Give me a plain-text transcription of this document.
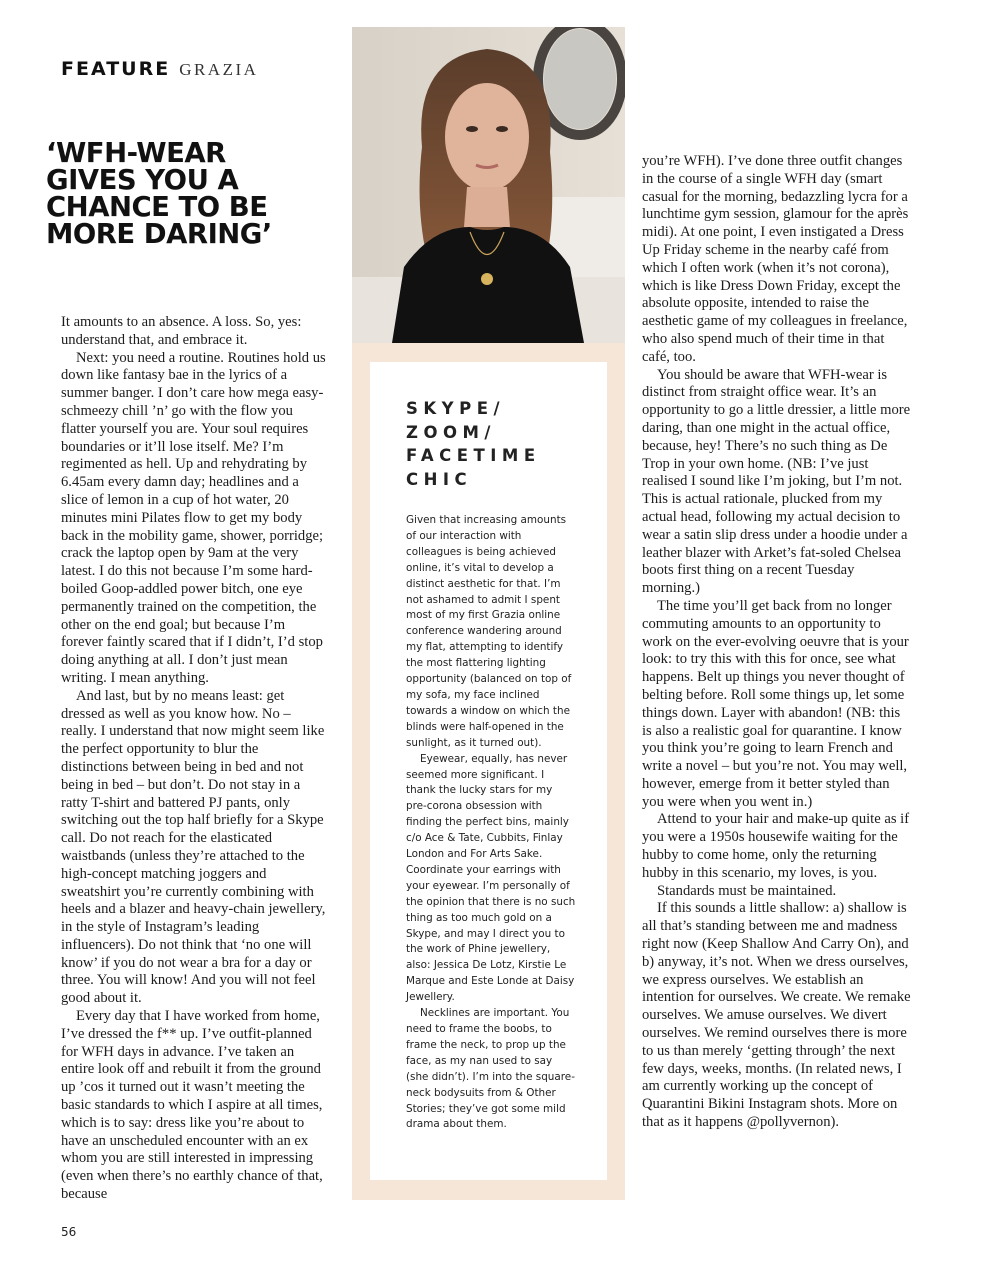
FEATURE GRAZIA
‘WFH-WEAR GIVES YOU A CHANCE TO BE MORE DARING’
SKYPE/ ZOOM/ FACETIME CHIC

Given that increasing amounts of our interaction with colleagues is being achieved online, it’s vital to develop a distinct aesthetic for that. I’m not ashamed to admit I spent most of my first Grazia online conference wandering around my flat, attempting to identify the most flattering lighting opportunity (balanced on top of my sofa, my face inclined towards a window on which the blinds were half-opened in the sunlight, as it turned out).

Eyewear, equally, has never seemed more significant. I thank the lucky stars for my pre-corona obsession with finding the perfect bins, mainly c/o Ace & Tate, Cubbits, Finlay London and For Arts Sake. Coordinate your earrings with your eyewear. I’m personally of the opinion that there is no such thing as too much gold on a Skype, and may I direct you to the work of Phine jewellery, also: Jessica De Lotz, Kirstie Le Marque and Este Londe at Daisy Jewellery.

Necklines are important. You need to frame the boobs, to frame the neck, to prop up the face, as my nan used to say (she didn’t). I’m into the square-neck bodysuits from & Other Stories; they’ve got some mild drama about them.

It amounts to an absence. A loss. So, yes: understand that, and embrace it.

Next: you need a routine. Routines hold us down like fantasy bae in the lyrics of a summer banger. I don’t care how mega easy-schmeezy chill ’n’ go with the flow you flatter yourself you are. Your soul requires boundaries or it’ll lose itself. Me? I’m regimented as hell. Up and rehydrating by 6.45am every damn day; headlines and a slice of lemon in a cup of hot water, 20 minutes mini Pilates flow to get my body back in the mobility game, shower, porridge; crack the laptop open by 9am at the very latest. I do this not because I’m some hard-boiled Goop-addled power bitch, one eye permanently trained on the competition, the other on the end goal; but because I’m forever faintly scared that if I didn’t, I’d stop doing anything at all. I don’t just mean writing. I mean anything.

And last, but by no means least: get dressed as well as you know how. No – really. I understand that now might seem like the perfect opportunity to blur the distinctions between being in bed and not being in bed – but don’t. Do not stay in a ratty T-shirt and battered PJ pants, only switching out the top half briefly for a Skype call. Do not reach for the elasticated waistbands (unless they’re attached to the high-concept matching joggers and sweatshirt you’re currently combining with heels and a blazer and heavy-chain jewellery, in the style of Instagram’s leading influencers). Do not think that ‘no one will know’ if you do not wear a bra for a day or three. You will know! And you will not feel good about it.

Every day that I have worked from home, I’ve dressed the f** up. I’ve outfit-planned for WFH days in advance. I’ve taken an entire look off and rebuilt it from the ground up ’cos it turned out it wasn’t meeting the basic standards to which I aspire at all times, which is to say: dress like you’re about to have an unscheduled encounter with an ex whom you are still interested in impressing (even when there’s no earthly chance of that, because

you’re WFH). I’ve done three outfit changes in the course of a single WFH day (smart casual for the morning, bedazzling lycra for a lunchtime gym session, glamour for the après midi). At one point, I even instigated a Dress Up Friday scheme in the nearby café from which I often work (when it’s not corona), which is like Dress Down Friday, except the absolute opposite, intended to raise the aesthetic game of my colleagues in freelance, who also spend much of their time in that café, too.

You should be aware that WFH-wear is distinct from straight office wear. It’s an opportunity to go a little dressier, a little more daring, than one might in the actual office, because, hey! There’s no such thing as De Trop in your own home. (NB: I’ve just realised I sound like I’m joking, but I’m not. This is actual rationale, plucked from my actual head, following my actual decision to wear a satin slip dress under a hoodie under a leather blazer with Arket’s fat-soled Chelsea boots first thing on a recent Tuesday morning.)

The time you’ll get back from no longer commuting amounts to an opportunity to work on the ever-evolving oeuvre that is your look: to try this with this for once, see what happens. Belt up things you never thought of belting before. Roll some things up, let some things down. Layer with abandon! (NB: this is also a realistic goal for quarantine. I know you think you’re going to learn French and write a novel – but you’re not. You may well, however, emerge from it better styled than you were when you went in.)

Attend to your hair and make-up quite as if you were a 1950s housewife waiting for the hubby to come home, only the returning hubby in this scenario, my loves, is you.

Standards must be maintained.

If this sounds a little shallow: a) shallow is all that’s standing between me and madness right now (Keep Shallow And Carry On), and b) anyway, it’s not. When we dress ourselves, we express ourselves. We establish an intention for ourselves. We create. We remake ourselves. We amuse ourselves. We divert ourselves. We remind ourselves there is more to us than merely ‘getting through’ the next few days, weeks, months. (In related news, I am currently working up the concept of Quarantini Bikini Instagram shots. More on that as it happens @pollyvernon).

56
